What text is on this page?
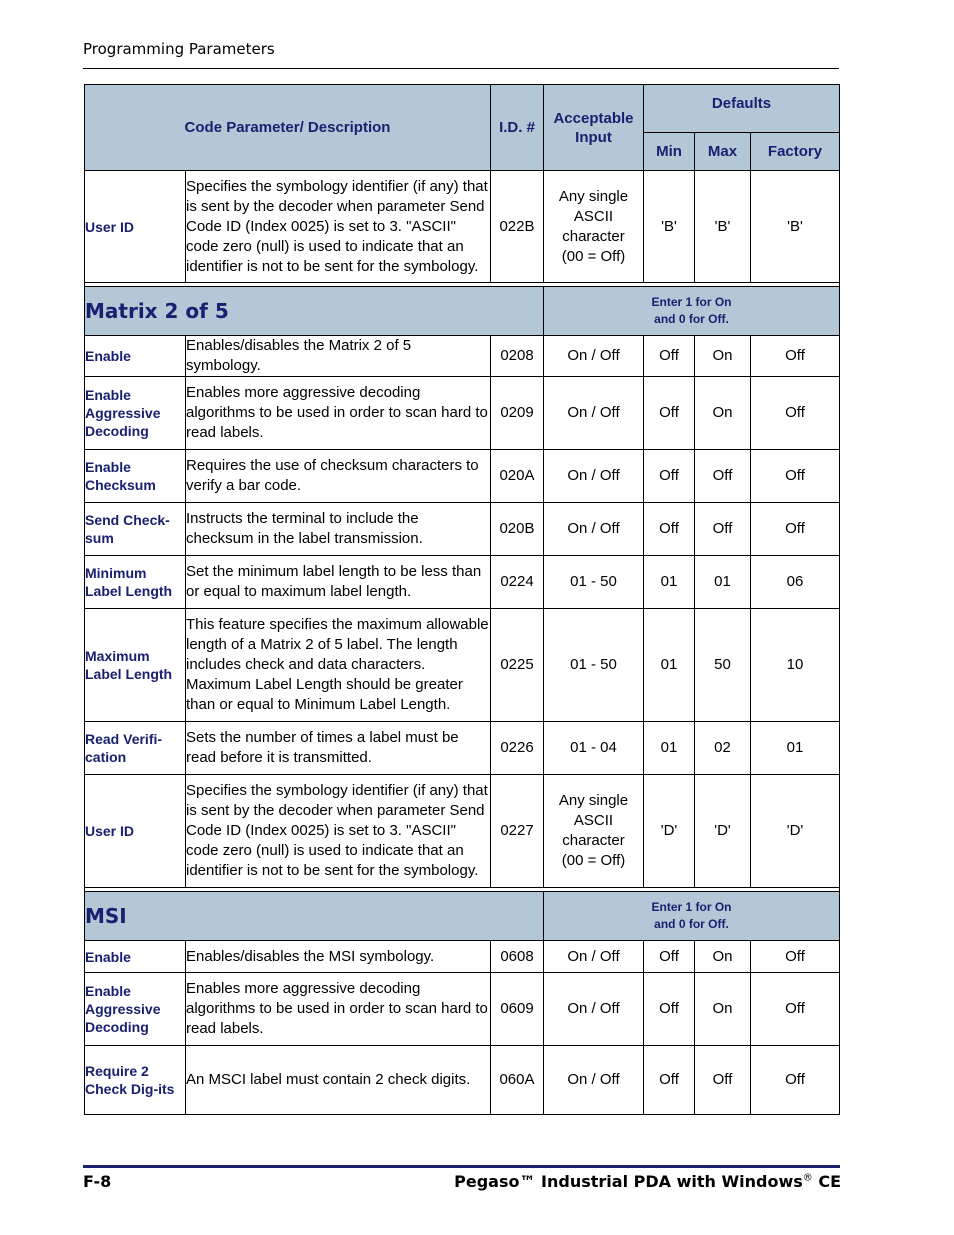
Programming Parameters
Code Parameter/ Description		I.D. #	Acceptable Input	Defaults		
				Min	Max	Factory
User ID	Specifies the symbology identifier (if any) that is sent by the decoder when parameter Send Code ID (Index 0025) is set to 3. "ASCII" code zero (null) is used to indicate that an identifier is not to be sent for the symbology.	022B	Any single ASCII character (00 = Off)	'B'	'B'	'B'

Matrix 2 of 5			Enter 1 for On
and 0 for Off.			

Enable	Enables/disables the Matrix 2 of 5 symbology.	0208	On / Off	Off	On	Off
Enable Aggressive Decoding	Enables more aggressive decoding algorithms to be used in order to scan hard to read labels.	0209	On / Off	Off	On	Off
Enable Checksum	Requires the use of checksum characters to verify a bar code.	020A	On / Off	Off	Off	Off
Send Check-sum	Instructs the terminal to include the checksum in the label transmission.	020B	On / Off	Off	Off	Off
Minimum Label Length	Set the minimum label length to be less than or equal to maximum label length.	0224	01 - 50	01	01	06
Maximum Label Length	This feature specifies the maximum allowable length of a Matrix 2 of 5 label. The length includes check and data characters. Maximum Label Length should be greater than or equal to Minimum Label Length.	0225	01 - 50	01	50	10
Read Verifi-cation	Sets the number of times a label must be read before it is transmitted.	0226	01 - 04	01	02	01
User ID	Specifies the symbology identifier (if any) that is sent by the decoder when parameter Send Code ID (Index 0025) is set to 3. "ASCII" code zero (null) is used to indicate that an identifier is not to be sent for the symbology.	0227	Any single ASCII character (00 = Off)	'D'	'D'	'D'

MSI			Enter 1 for On
and 0 for Off.			

Enable	Enables/disables the MSI symbology.	0608	On / Off	Off	On	Off
Enable Aggressive Decoding	Enables more aggressive decoding algorithms to be used in order to scan hard to read labels.	0609	On / Off	Off	On	Off
Require 2 Check Dig-its	An MSCI label must contain 2 check digits.	060A	On / Off	Off	Off	Off
F-8	Pegaso™ Industrial PDA with Windows® CE
